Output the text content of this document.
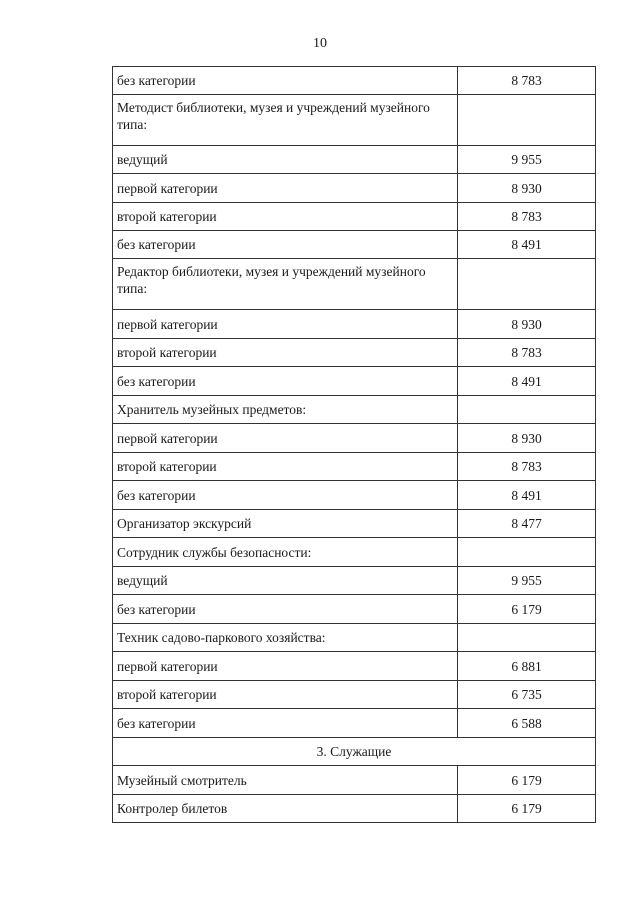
10
без категории	8 783
Методист библиотеки, музея и учреждений музейного типа:	
ведущий	9 955
первой категории	8 930
второй категории	8 783
без категории	8 491
Редактор библиотеки, музея и учреждений музейного типа:	
первой категории	8 930
второй категории	8 783
без категории	8 491
Хранитель музейных предметов:	
первой категории	8 930
второй категории	8 783
без категории	8 491
Организатор экскурсий	8 477
Сотрудник службы безопасности:	
ведущий	9 955
без категории	6 179
Техник садово-паркового хозяйства:	
первой категории	6 881
второй категории	6 735
без категории	6 588
3. Служащие	
Музейный смотритель	6 179
Контролер билетов	6 179
